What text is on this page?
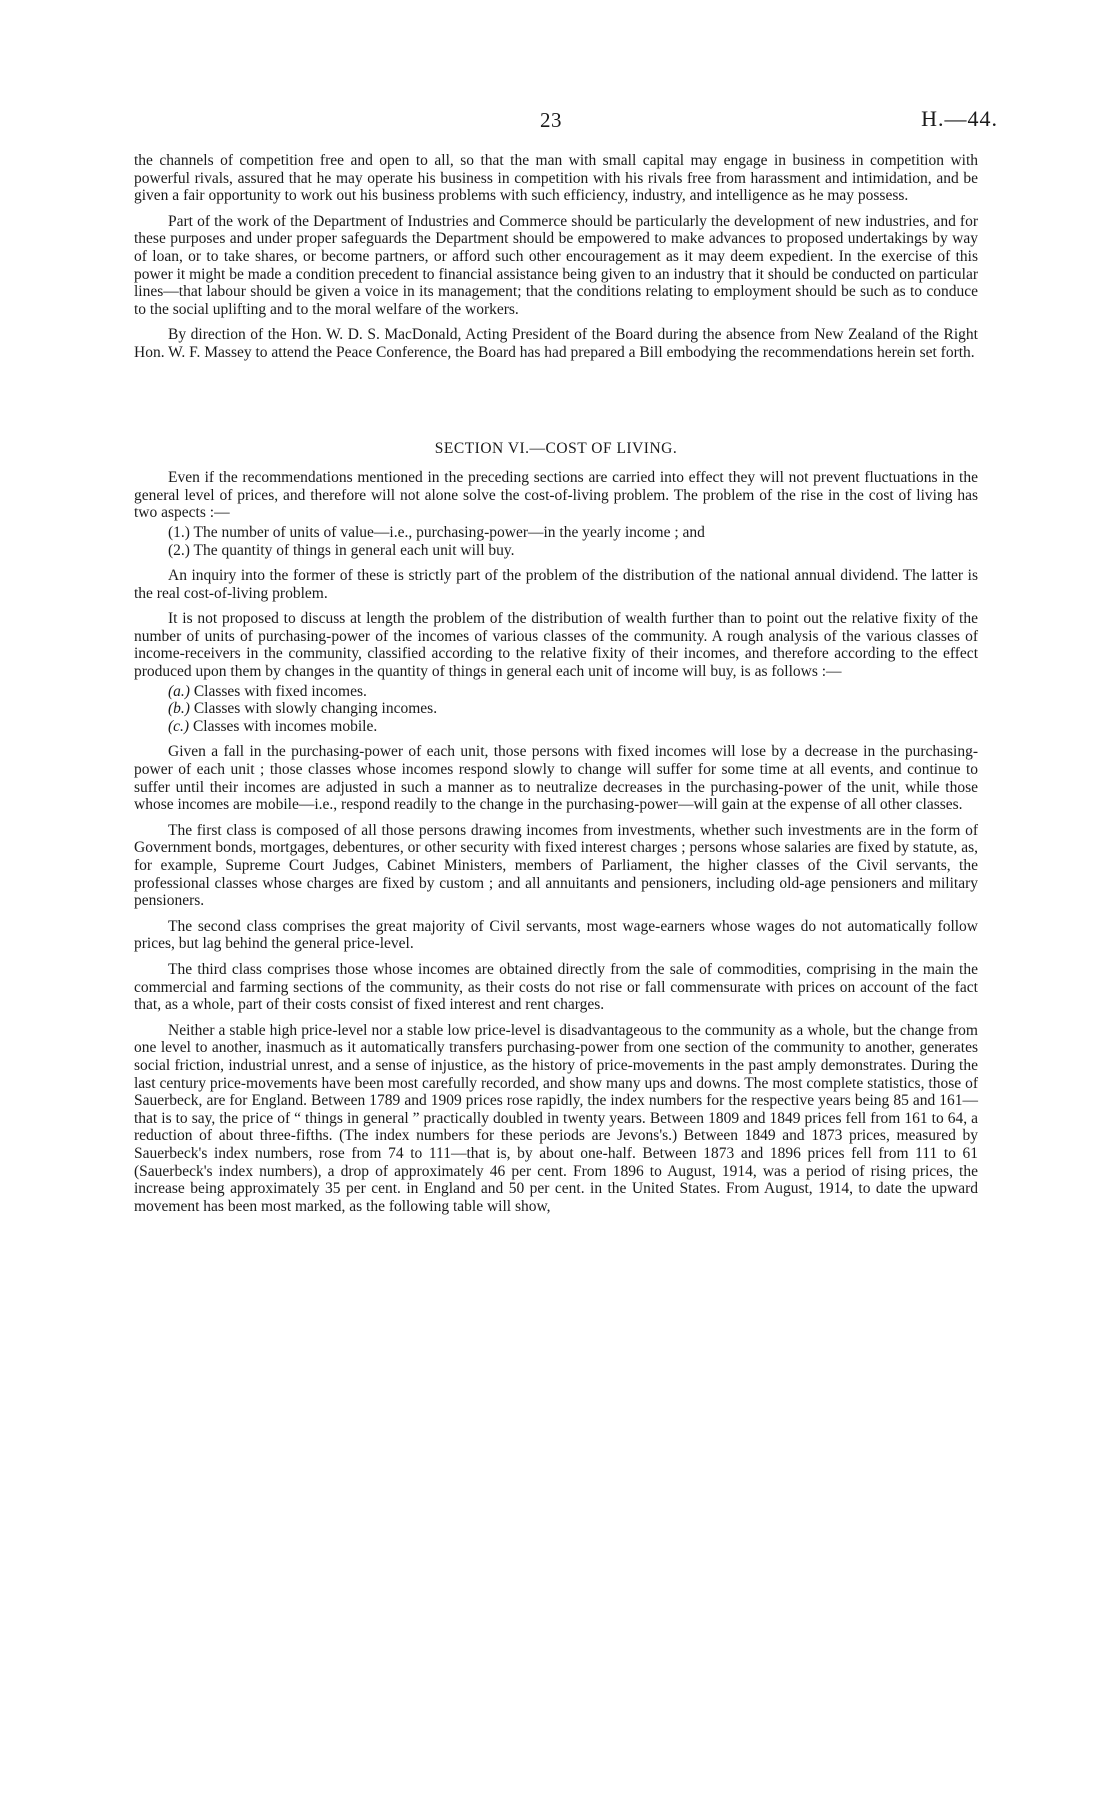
23	H.—44.

the channels of competition free and open to all, so that the man with small capital may engage in business in competition with powerful rivals, assured that he may operate his business in competition with his rivals free from harassment and intimidation, and be given a fair opportunity to work out his business problems with such efficiency, industry, and intelligence as he may possess.

Part of the work of the Department of Industries and Commerce should be particularly the development of new industries, and for these purposes and under proper safeguards the Department should be empowered to make advances to proposed undertakings by way of loan, or to take shares, or become partners, or afford such other encouragement as it may deem expedient. In the exercise of this power it might be made a condition precedent to financial assistance being given to an industry that it should be conducted on particular lines—that labour should be given a voice in its management; that the conditions relating to employment should be such as to conduce to the social uplifting and to the moral welfare of the workers.

By direction of the Hon. W. D. S. MacDonald, Acting President of the Board during the absence from New Zealand of the Right Hon. W. F. Massey to attend the Peace Conference, the Board has had prepared a Bill embodying the recommendations herein set forth.

SECTION VI.—COST OF LIVING.

Even if the recommendations mentioned in the preceding sections are carried into effect they will not prevent fluctuations in the general level of prices, and therefore will not alone solve the cost-of-living problem. The problem of the rise in the cost of living has two aspects :—

(1.) The number of units of value—i.e., purchasing-power—in the yearly income ; and
(2.) The quantity of things in general each unit will buy.

An inquiry into the former of these is strictly part of the problem of the distribution of the national annual dividend. The latter is the real cost-of-living problem.

It is not proposed to discuss at length the problem of the distribution of wealth further than to point out the relative fixity of the number of units of purchasing-power of the incomes of various classes of the community. A rough analysis of the various classes of income-receivers in the community, classified according to the relative fixity of their incomes, and therefore according to the effect produced upon them by changes in the quantity of things in general each unit of income will buy, is as follows :—

(a.) Classes with fixed incomes.
(b.) Classes with slowly changing incomes.
(c.) Classes with incomes mobile.

Given a fall in the purchasing-power of each unit, those persons with fixed incomes will lose by a decrease in the purchasing-power of each unit ; those classes whose incomes respond slowly to change will suffer for some time at all events, and continue to suffer until their incomes are adjusted in such a manner as to neutralize decreases in the purchasing-power of the unit, while those whose incomes are mobile—i.e., respond readily to the change in the purchasing-power—will gain at the expense of all other classes.

The first class is composed of all those persons drawing incomes from investments, whether such investments are in the form of Government bonds, mortgages, debentures, or other security with fixed interest charges ; persons whose salaries are fixed by statute, as, for example, Supreme Court Judges, Cabinet Ministers, members of Parliament, the higher classes of the Civil servants, the professional classes whose charges are fixed by custom ; and all annuitants and pensioners, including old-age pensioners and military pensioners.

The second class comprises the great majority of Civil servants, most wage-earners whose wages do not automatically follow prices, but lag behind the general price-level.

The third class comprises those whose incomes are obtained directly from the sale of commodities, comprising in the main the commercial and farming sections of the community, as their costs do not rise or fall commensurate with prices on account of the fact that, as a whole, part of their costs consist of fixed interest and rent charges.

Neither a stable high price-level nor a stable low price-level is disadvantageous to the community as a whole, but the change from one level to another, inasmuch as it automatically transfers purchasing-power from one section of the community to another, generates social friction, industrial unrest, and a sense of injustice, as the history of price-movements in the past amply demonstrates. During the last century price-movements have been most carefully recorded, and show many ups and downs. The most complete statistics, those of Sauerbeck, are for England. Between 1789 and 1909 prices rose rapidly, the index numbers for the respective years being 85 and 161—that is to say, the price of “ things in general ” practically doubled in twenty years. Between 1809 and 1849 prices fell from 161 to 64, a reduction of about three-fifths. (The index numbers for these periods are Jevons's.) Between 1849 and 1873 prices, measured by Sauerbeck's index numbers, rose from 74 to 111—that is, by about one-half. Between 1873 and 1896 prices fell from 111 to 61 (Sauerbeck's index numbers), a drop of approximately 46 per cent. From 1896 to August, 1914, was a period of rising prices, the increase being approximately 35 per cent. in England and 50 per cent. in the United States. From August, 1914, to date the upward movement has been most marked, as the following table will show,
